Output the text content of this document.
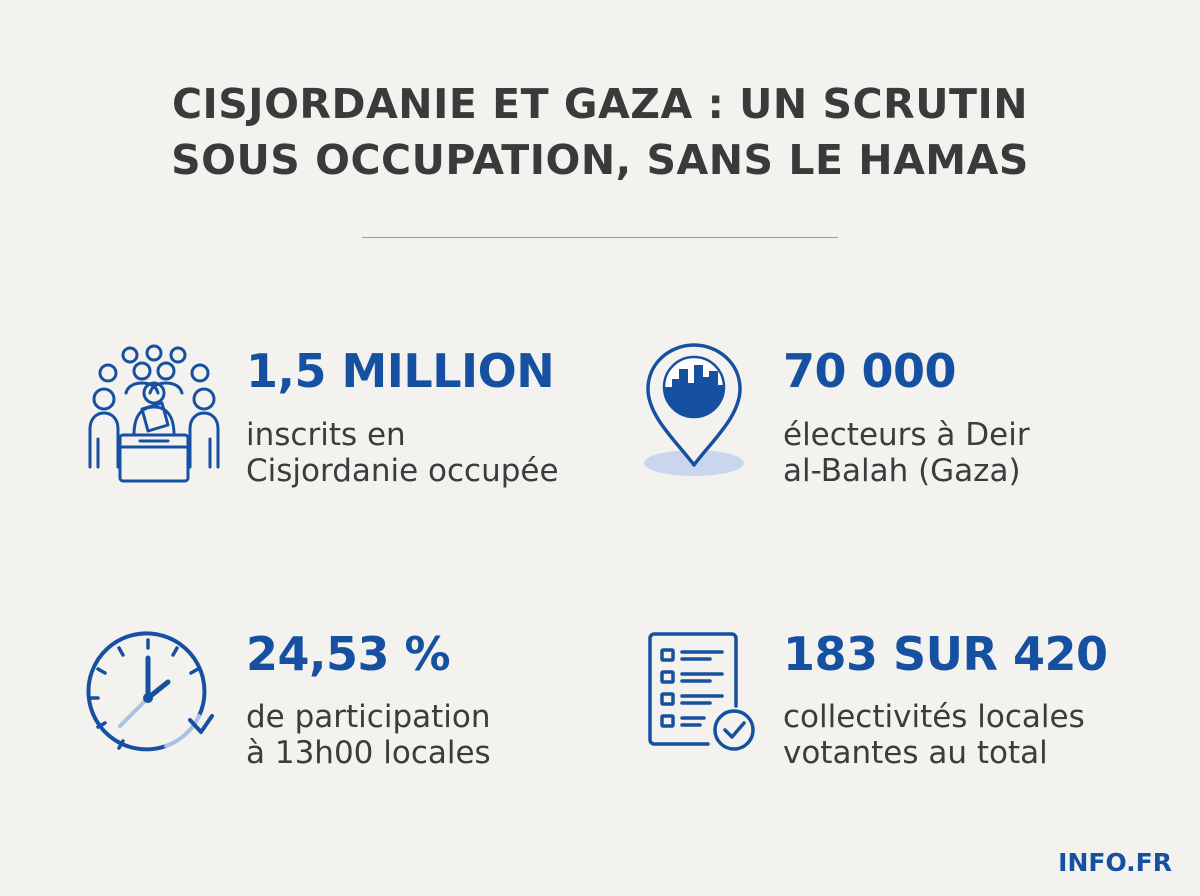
CISJORDANIE ET GAZA : UN SCRUTIN
SOUS OCCUPATION, SANS LE HAMAS
1,5 MILLION
inscrits en
Cisjordanie occupée
70 000
électeurs à Deir
al-Balah (Gaza)
24,53 %
de participation
à 13h00 locales
183 SUR 420
collectivités locales
votantes au total
INFO.FR
